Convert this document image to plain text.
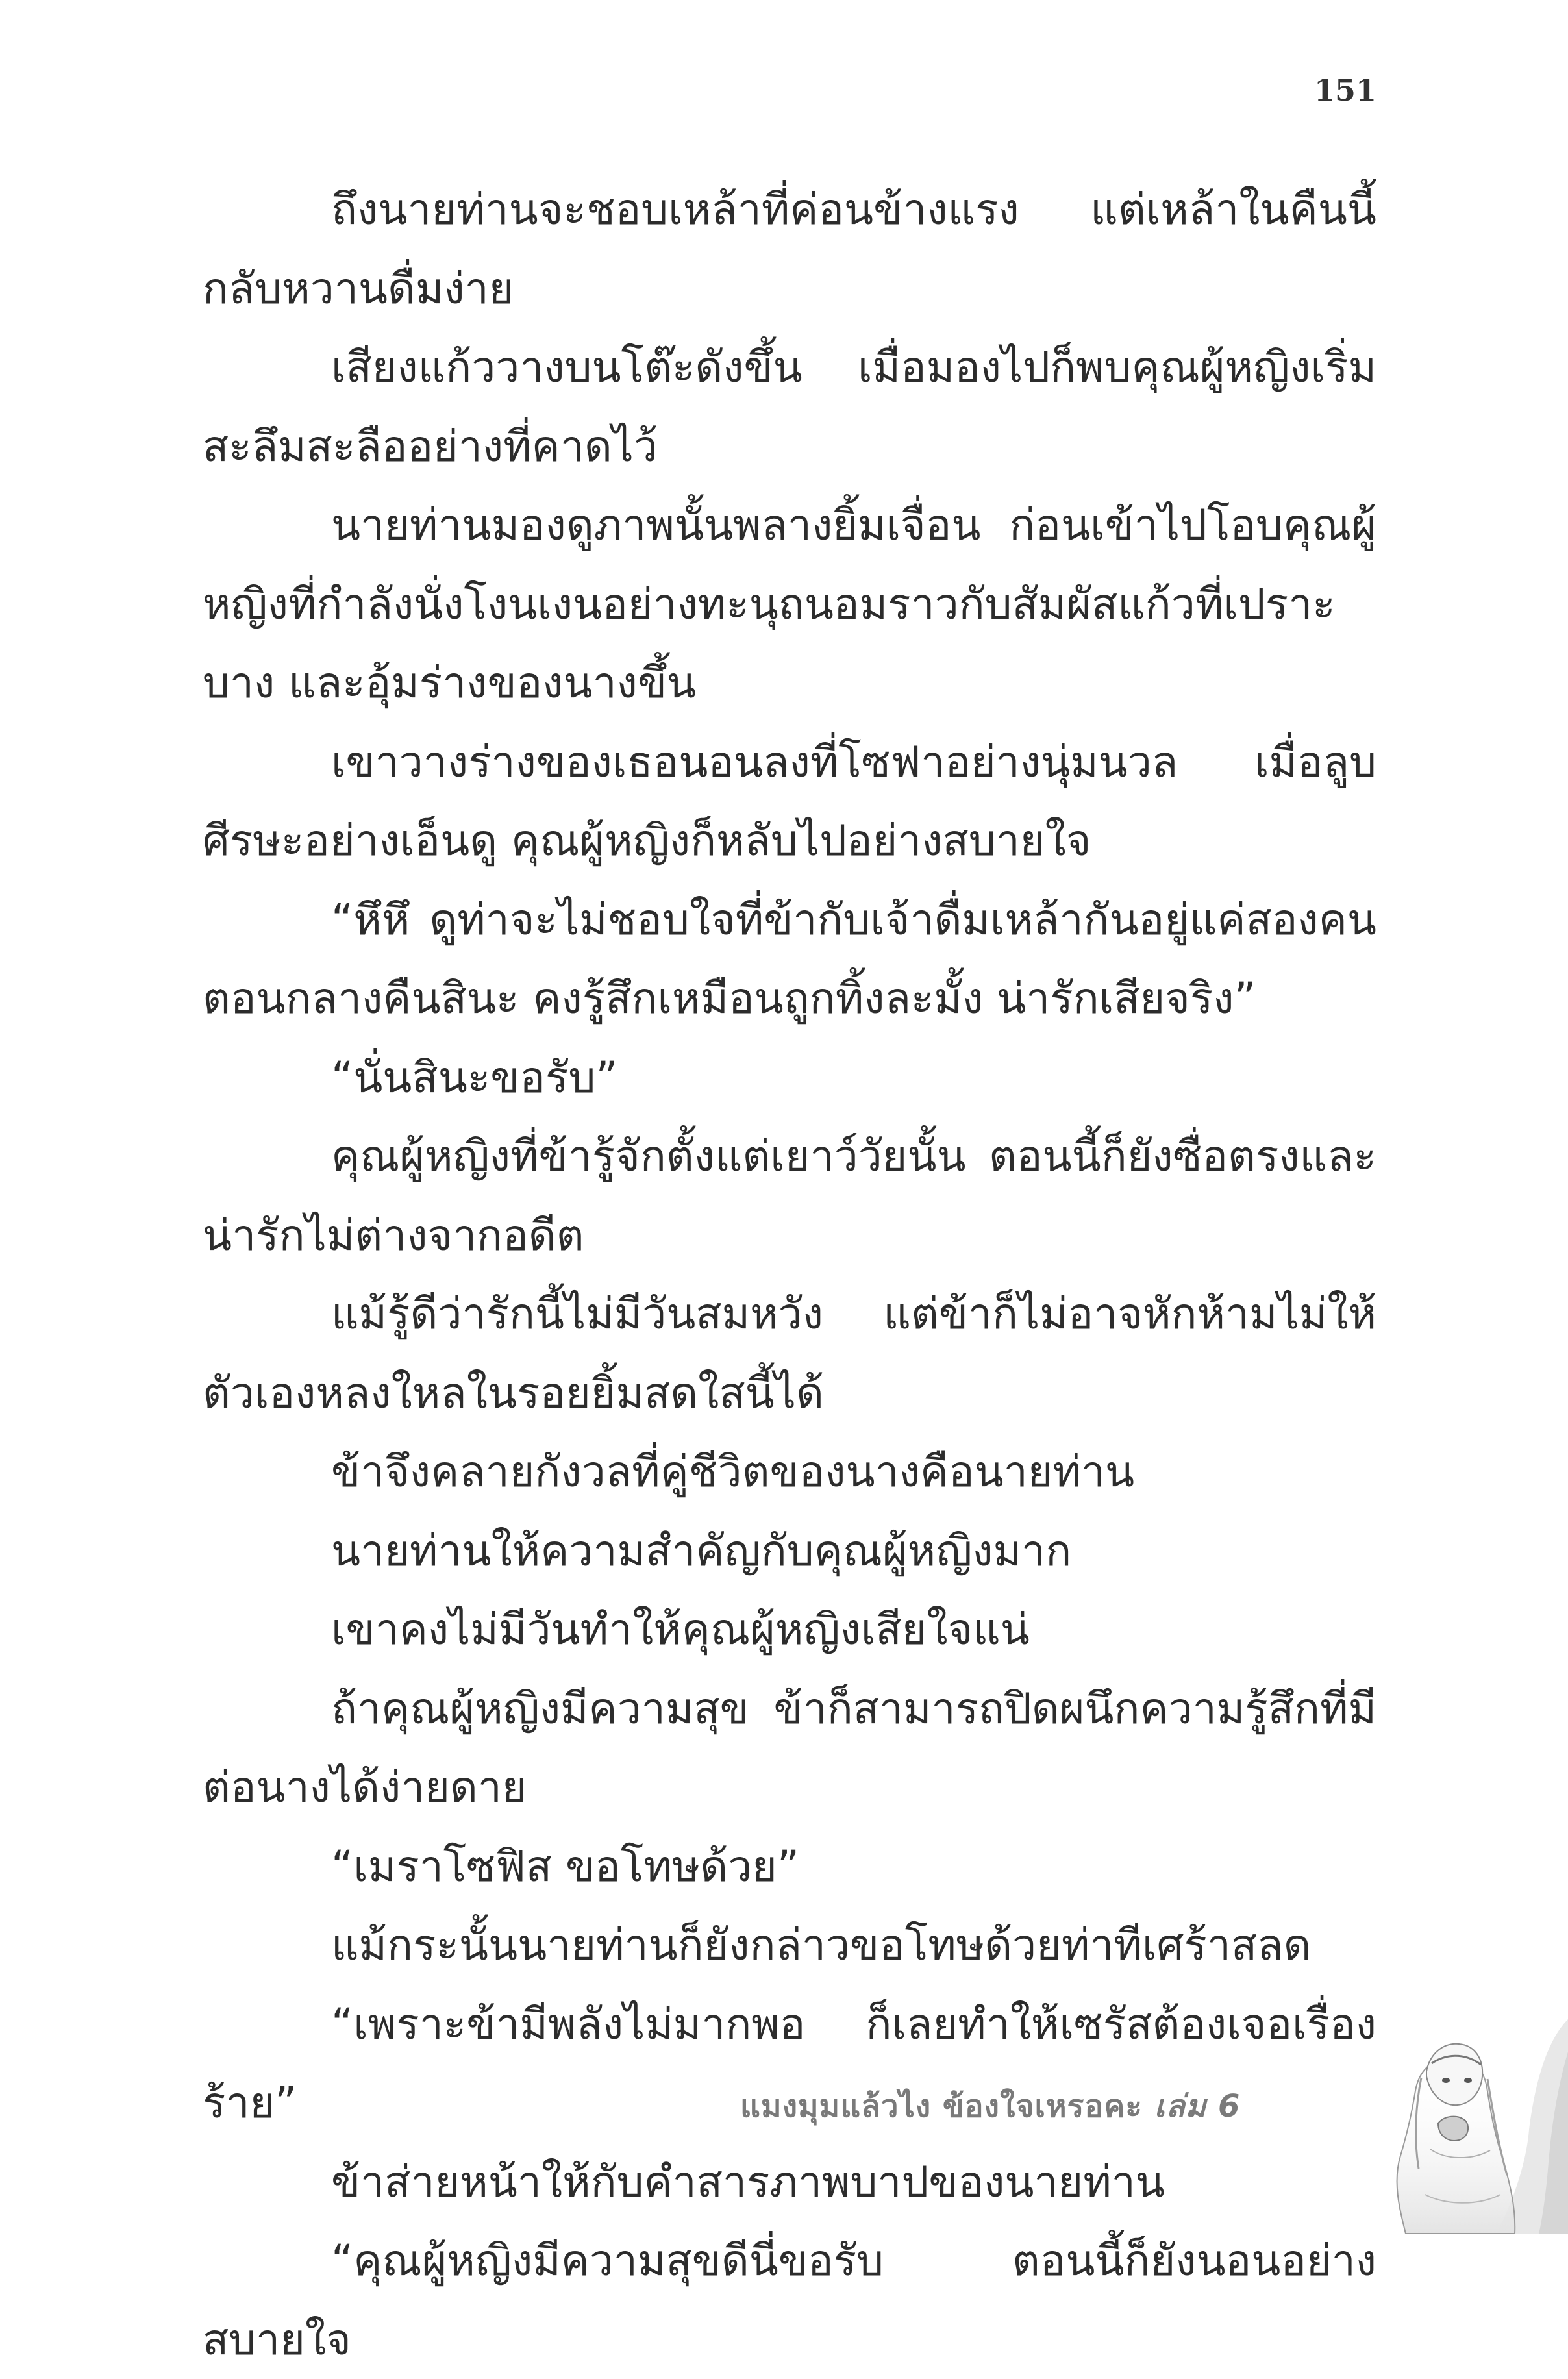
151

ถึงนายท่านจะชอบเหล้าที่ค่อนข้างแรง แต่เหล้าในคืนนี้กลับหวานดื่มง่าย

เสียงแก้ววางบนโต๊ะดังขึ้น เมื่อมองไปก็พบคุณผู้หญิงเริ่มสะลึมสะลืออย่างที่คาดไว้

นายท่านมองดูภาพนั้นพลางยิ้มเจื่อน ก่อนเข้าไปโอบคุณผู้หญิงที่กำลังนั่งโงนเงนอย่างทะนุถนอมราวกับสัมผัสแก้วที่เปราะบาง และอุ้มร่างของนางขึ้น

เขาวางร่างของเธอนอนลงที่โซฟาอย่างนุ่มนวล เมื่อลูบศีรษะอย่างเอ็นดู คุณผู้หญิงก็หลับไปอย่างสบายใจ

“หึหึ ดูท่าจะไม่ชอบใจที่ข้ากับเจ้าดื่มเหล้ากันอยู่แค่สองคนตอนกลางคืนสินะ คงรู้สึกเหมือนถูกทิ้งละมั้ง น่ารักเสียจริง”

“นั่นสินะขอรับ”

คุณผู้หญิงที่ข้ารู้จักตั้งแต่เยาว์วัยนั้น ตอนนี้ก็ยังซื่อตรงและน่ารักไม่ต่างจากอดีต

แม้รู้ดีว่ารักนี้ไม่มีวันสมหวัง แต่ข้าก็ไม่อาจหักห้ามไม่ให้ตัวเองหลงใหลในรอยยิ้มสดใสนี้ได้

ข้าจึงคลายกังวลที่คู่ชีวิตของนางคือนายท่าน

นายท่านให้ความสำคัญกับคุณผู้หญิงมาก

เขาคงไม่มีวันทำให้คุณผู้หญิงเสียใจแน่

ถ้าคุณผู้หญิงมีความสุข ข้าก็สามารถปิดผนึกความรู้สึกที่มีต่อนางได้ง่ายดาย

“เมราโซฟิส ขอโทษด้วย”

แม้กระนั้นนายท่านก็ยังกล่าวขอโทษด้วยท่าทีเศร้าสลด

“เพราะข้ามีพลังไม่มากพอ ก็เลยทำให้เซรัสต้องเจอเรื่องร้าย”

ข้าส่ายหน้าให้กับคำสารภาพบาปของนายท่าน

“คุณผู้หญิงมีความสุขดีนี่ขอรับ ตอนนี้ก็ยังนอนอย่างสบายใจ

แมงมุมแล้วไง ข้องใจเหรอคะ เล่ม 6
